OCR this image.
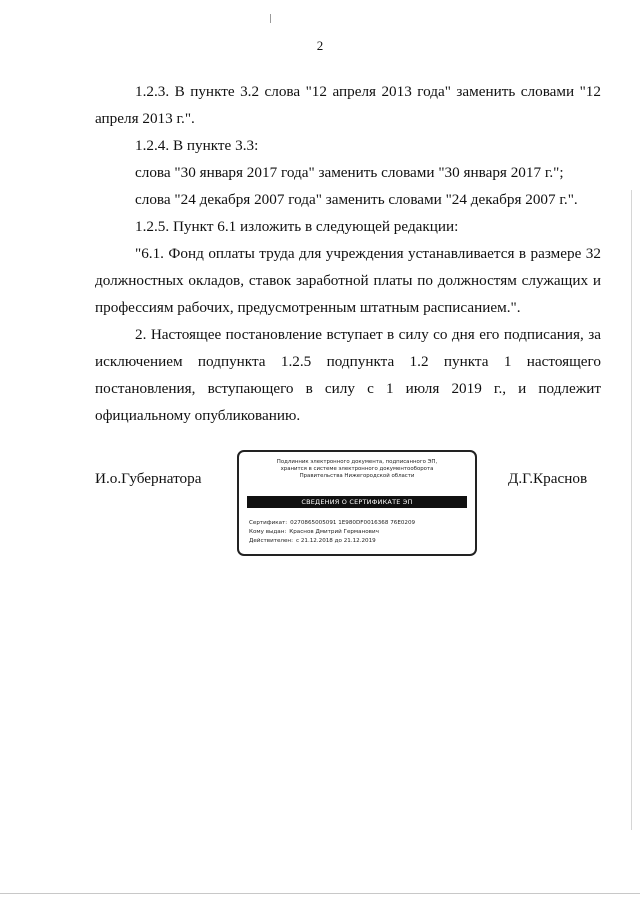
2

1.2.3. В пункте 3.2 слова "12 апреля 2013 года" заменить словами "12 апреля 2013 г.".

1.2.4. В пункте 3.3:

слова "30 января 2017 года" заменить словами "30 января 2017 г.";

слова "24 декабря 2007 года" заменить словами "24 декабря 2007 г.".

1.2.5. Пункт 6.1 изложить в следующей редакции:

"6.1. Фонд оплаты труда для учреждения устанавливается в размере 32 должностных окладов, ставок заработной платы по должностям служащих и профессиям рабочих, предусмотренным штатным расписанием.".

2. Настоящее постановление вступает в силу со дня его подписания, за исключением подпункта 1.2.5 подпункта 1.2 пункта 1 настоящего постановления, вступающего в силу с 1 июля 2019 г., и подлежит официальному опубликованию.

И.о.Губернатора
Подлинник электронного документа, подписанного ЭП,
хранится в системе электронного документооборота
Правительства Нижегородской области
СВЕДЕНИЯ О СЕРТИФИКАТЕ ЭП
Сертификат: 0270865005091 1E980DF0016368 76E0209
Кому выдан: Краснов Дмитрий Германович
Действителен: с 21.12.2018 до 21.12.2019
Д.Г.Краснов
